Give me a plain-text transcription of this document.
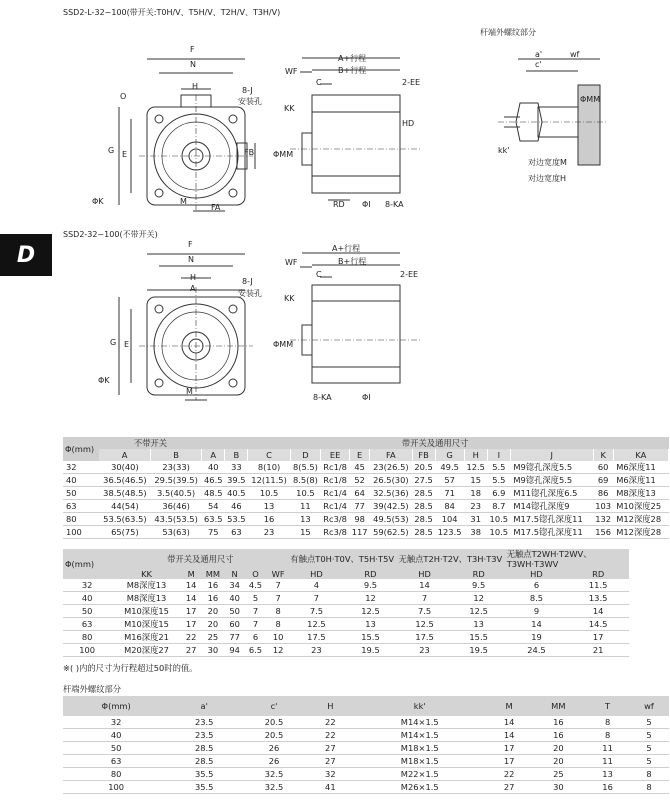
SSD2-L-32~100(带开关:T0H/V、T5H/V、T2H/V、T3H/V)
杆端外螺纹部分
SSD2-32~100(不带开关)
D
F
N
H	8-J
安装孔
O
G E	FB
ΦK	M
FA
A+行程
B+行程
WF
C	2-EE
KK
HD
ΦMM
RD ΦI 8-KA
a'	wf
c'
ΦMM
kk'
对边宽度M
对边宽度H
F
N
H
A
8-J
安装孔
G E
ΦK
M
A+行程
B+行程
WF
C	2-EE
KK
ΦMM
8-KA	ΦI
Φ(mm)	不带开关		带开关及通用尺寸													
	A	B	A	B	C	D	EE	E	FA	FB	G	H	I	J	K	KA
32	30(40)	23(33)	40	33	8(10)	8(5.5)	Rc1/8	45	23(26.5)	20.5	49.5	12.5	5.5	M9锪孔深度5.5	60	M6深度11
40	36.5(46.5)	29.5(39.5)	46.5	39.5	12(11.5)	8.5(8)	Rc1/8	52	26.5(30)	27.5	57	15	5.5	M9锪孔深度5.5	69	M6深度11
50	38.5(48.5)	3.5(40.5)	48.5	40.5	10.5	10.5	Rc1/4	64	32.5(36)	28.5	71	18	6.9	M11锪孔深度6.5	86	M8深度13
63	44(54)	36(46)	54	46	13	11	Rc1/4	77	39(42.5)	28.5	84	23	8.7	M14锪孔深度9	103	M10深度25
80	53.5(63.5)	43.5(53.5)	63.5	53.5	16	13	Rc3/8	98	49.5(53)	28.5	104	31	10.5	M17.5锪孔深度11	132	M12深度28
100	65(75)	53(63)	75	63	23	15	Rc3/8	117	59(62.5)	28.5	123.5	38	10.5	M17.5锪孔深度11	156	M12深度28
Φ(mm)	带开关及通用尺寸						有触点T0H·T0V、T5H·T5V		无触点T2H·T2V、T3H·T3V		无触点T2WH·T2WV、T3WH·T3WV	
	KK	M	MM	N	O	WF	HD	RD	HD	RD	HD	RD
32	M8深度13	14	16	34	4.5	7	4	9.5	14	9.5	6	11.5
40	M8深度13	14	16	40	5	7	7	12	7	12	8.5	13.5
50	M10深度15	17	20	50	7	8	7.5	12.5	7.5	12.5	9	14
63	M10深度15	17	20	60	7	8	12.5	13	12.5	13	14	14.5
80	M16深度21	22	25	77	6	10	17.5	15.5	17.5	15.5	19	17
100	M20深度27	27	30	94	6.5	12	23	19.5	23	19.5	24.5	21
※( )内的尺寸为行程超过50时的值。
杆端外螺纹部分
Φ(mm)	a'	c'	H	kk'	M	MM	T	wf
32	23.5	20.5	22	M14×1.5	14	16	8	5
40	23.5	20.5	22	M14×1.5	14	16	8	5
50	28.5	26	27	M18×1.5	17	20	11	5
63	28.5	26	27	M18×1.5	17	20	11	5
80	35.5	32.5	32	M22×1.5	22	25	13	8
100	35.5	32.5	41	M26×1.5	27	30	16	8
